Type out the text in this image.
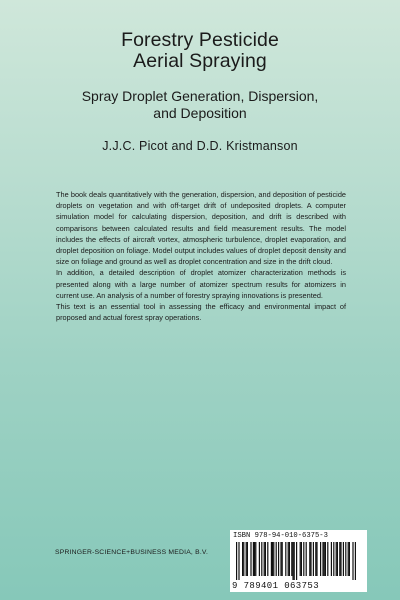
Forestry Pesticide
Aerial Spraying
Spray Droplet Generation, Dispersion,
and Deposition
J.J.C. Picot and D.D. Kristmanson

The book deals quantitatively with the generation, dispersion, and deposition of pesticide droplets on vegetation and with off-target drift of undeposited droplets. A computer simulation model for calculating dispersion, deposition, and drift is described with comparisons between calculated results and field measurement results. The model includes the effects of aircraft vortex, atmospheric turbulence, droplet evaporation, and droplet deposition on foliage. Model output includes values of droplet deposit density and size on foliage and ground as well as droplet concentration and size in the drift cloud.

In addition, a detailed description of droplet atomizer characterization methods is presented along with a large number of atomizer spectrum results for atomizers in current use. An analysis of a number of forestry spraying innovations is presented.

This text is an essential tool in assessing the efficacy and environmental impact of proposed and actual forest spray operations.

SPRINGER-SCIENCE+BUSINESS MEDIA, B.V.
ISBN 978-94-010-6375-3
9 789401 063753
